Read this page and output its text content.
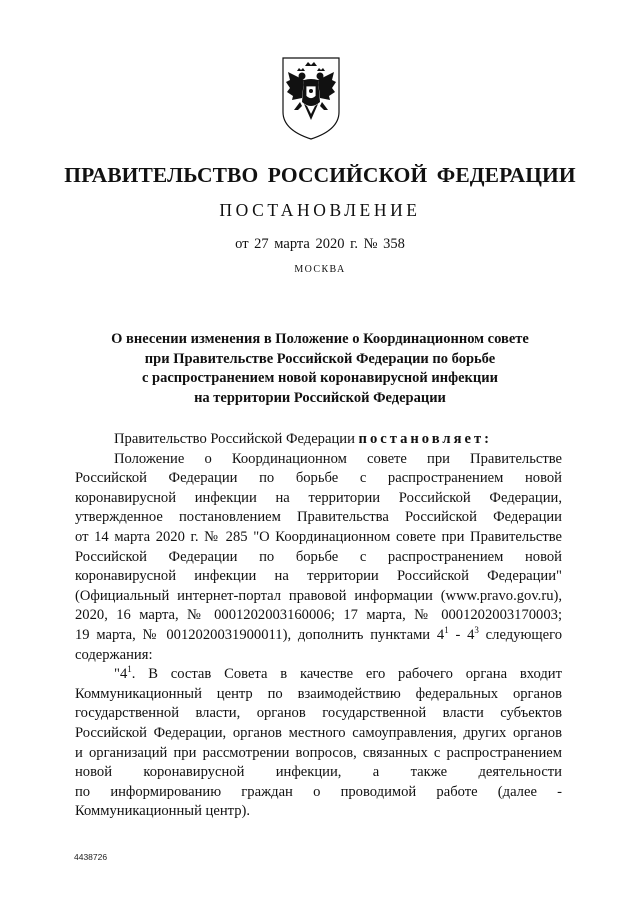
ПРАВИТЕЛЬСТВО РОССИЙСКОЙ ФЕДЕРАЦИИ
ПОСТАНОВЛЕНИЕ
от 27 марта 2020 г. № 358
МОСКВА
О внесении изменения в Положение о Координационном совете
при Правительстве Российской Федерации по борьбе
с распространением новой коронавирусной инфекции
на территории Российской Федерации
Правительство Российской Федерации постановляет:
Положение о Координационном совете при Правительстве
Российской Федерации по борьбе с распространением новой
коронавирусной инфекции на территории Российской Федерации,
утвержденное постановлением Правительства Российской Федерации
от 14 марта 2020 г. № 285 "О Координационном совете при Правительстве
Российской Федерации по борьбе с распространением новой
коронавирусной инфекции на территории Российской Федерации"
(Официальный интернет-портал правовой информации (www.pravo.gov.ru),
2020, 16 марта, № 0001202003160006; 17 марта, № 0001202003170003;
19 марта, № 0012020031900011), дополнить пунктами $4^1 - 4^3$ следующего
содержания:
"$4^1$. В состав Совета в качестве его рабочего органа входит
Коммуникационный центр по взаимодействию федеральных органов
государственной власти, органов государственной власти субъектов
Российской Федерации, органов местного самоуправления, других органов
и организаций при рассмотрении вопросов, связанных с распространением
новой коронавирусной инфекции, а также деятельности
по информированию граждан о проводимой работе (далее -
Коммуникационный центр).
4438726
